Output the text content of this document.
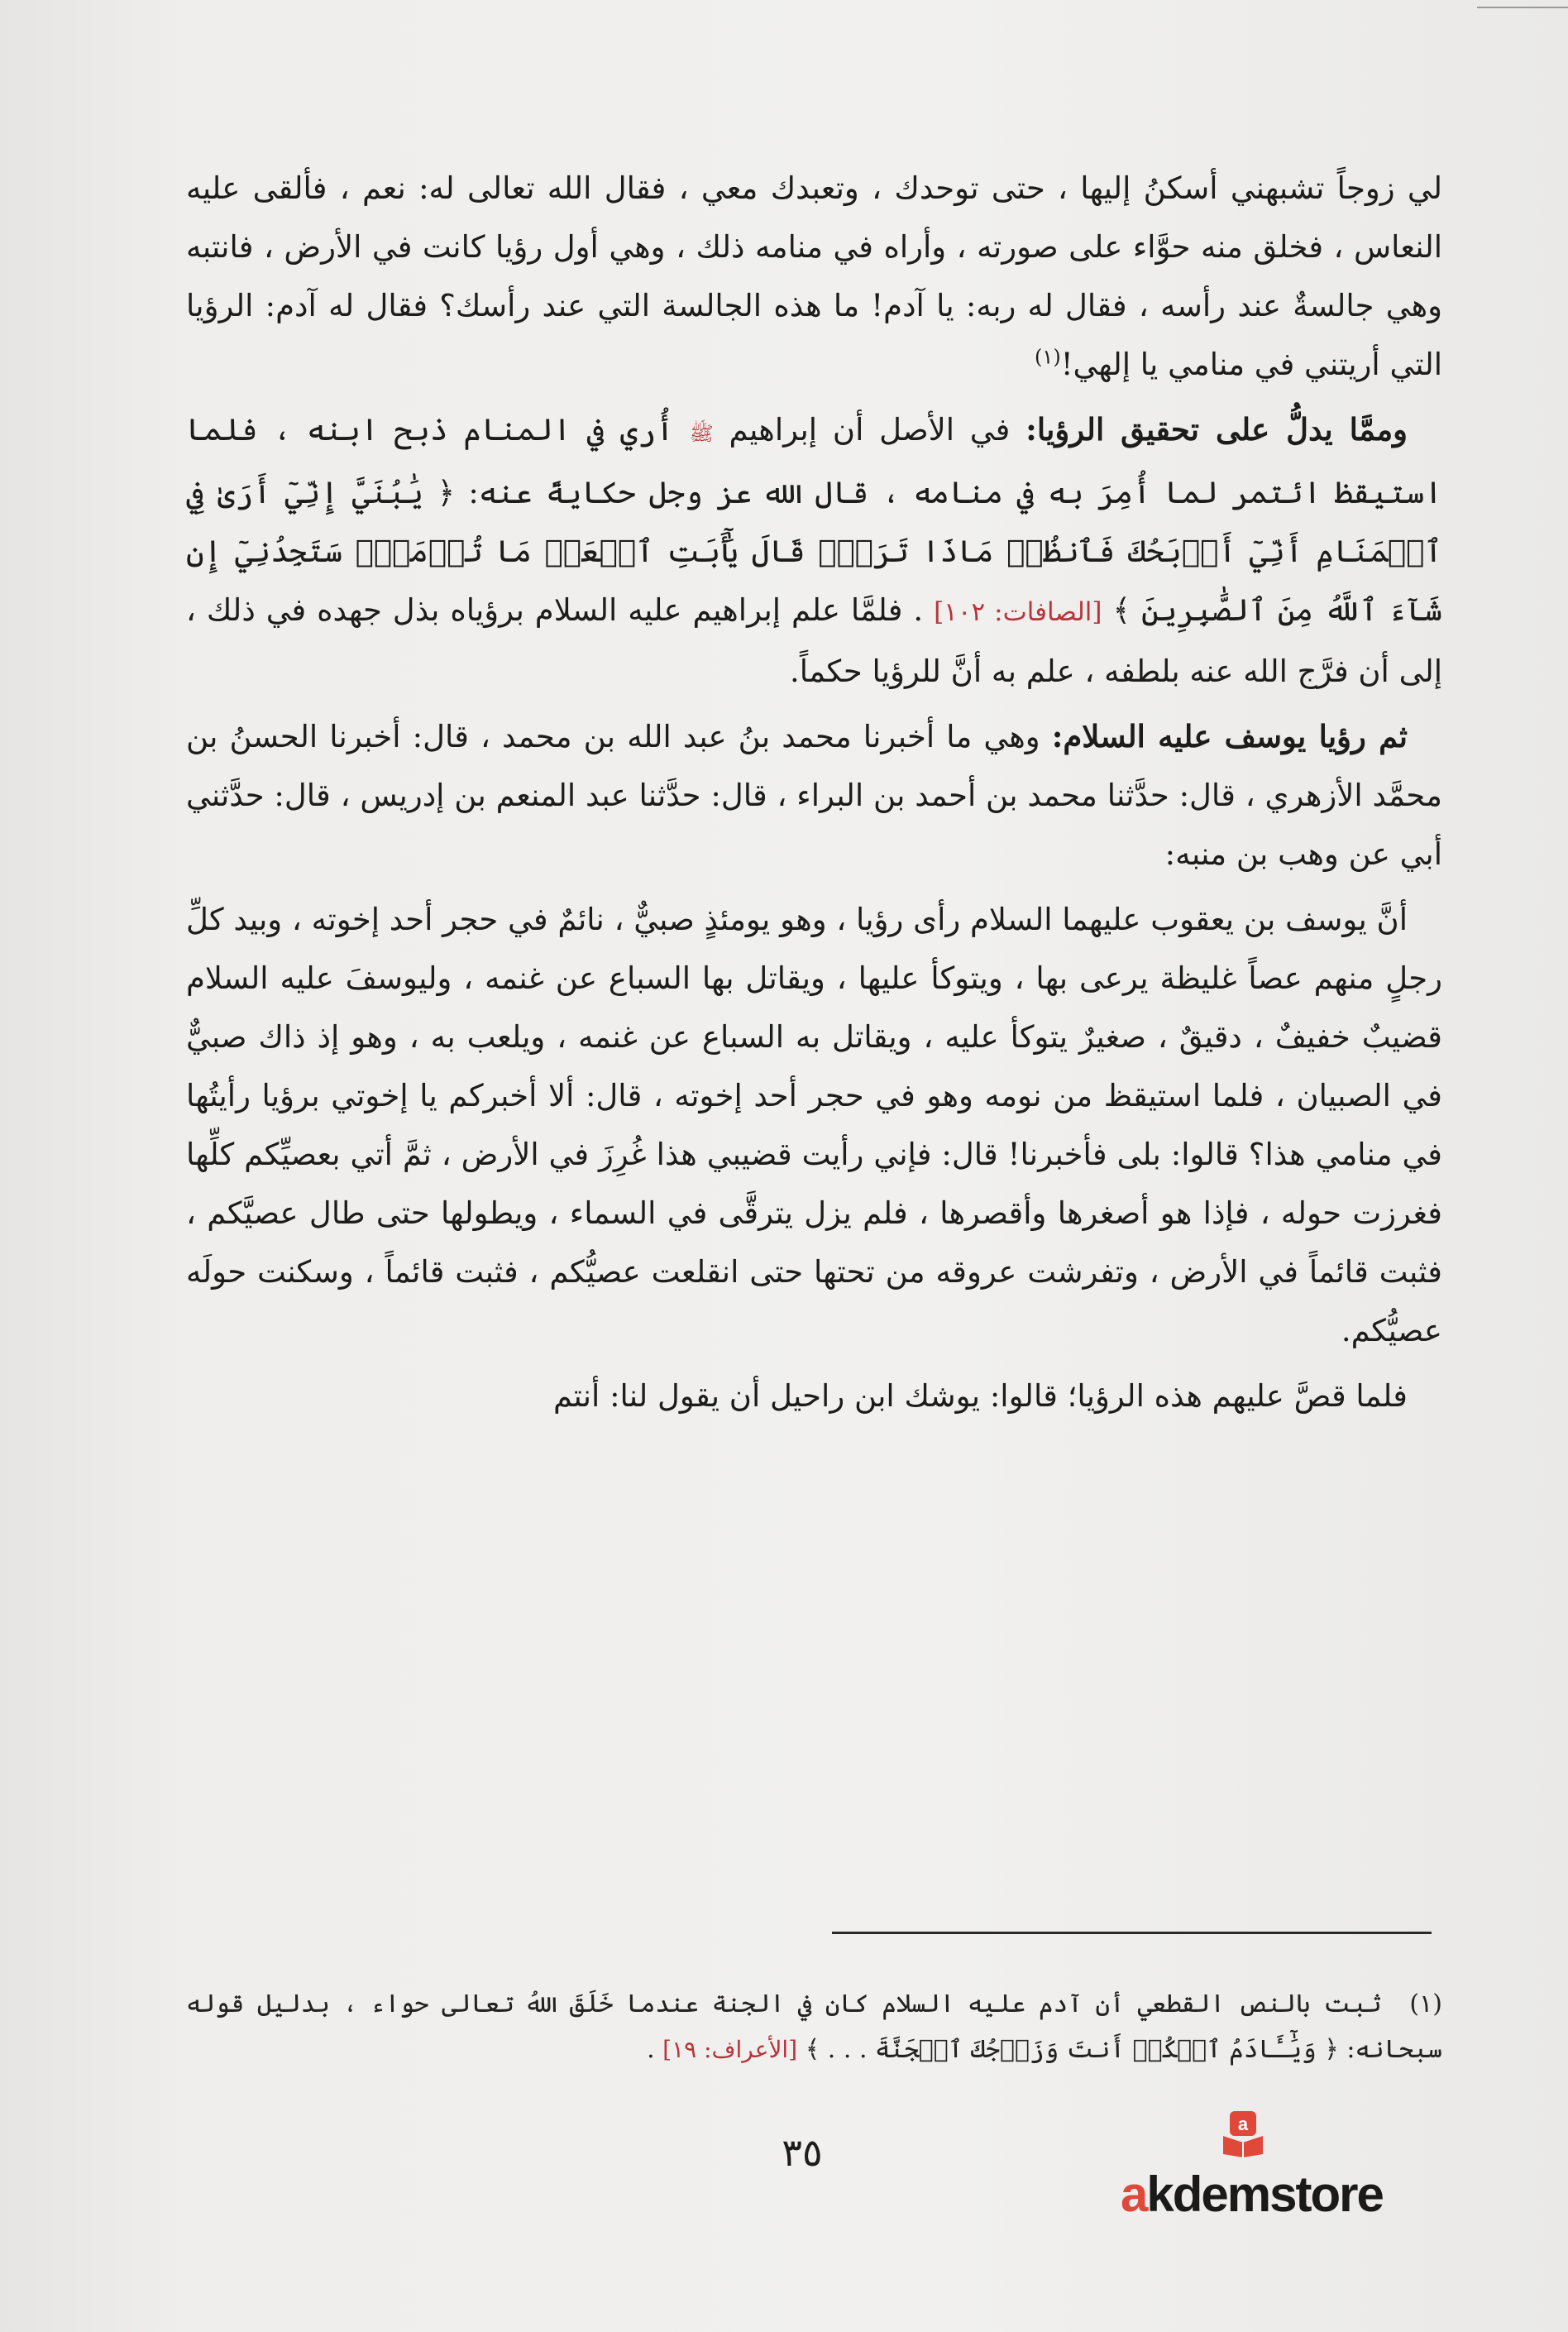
لي زوجاً تشبهني أسكنُ إليها ، حتى توحدك ، وتعبدك معي ، فقال الله تعالى له: نعم ، فألقى عليه النعاس ، فخلق منه حوَّاء على صورته ، وأراه في منامه ذلك ، وهي أول رؤيا كانت في الأرض ، فانتبه وهي جالسةٌ عند رأسه ، فقال له ربه: يا آدم! ما هذه الجالسة التي عند رأسك؟ فقال له آدم: الرؤيا التي أريتني في منامي يا إلهي!$^{(١)}$

وممَّا يدلُّ على تحقيق الرؤيا: في الأصل أن إبراهيم ﷺ أُري في المنام ذبح ابنه ، فلما استيقظ ائتمر لما أُمِرَ به في منامه ، قال الله عز وجل حكايةً عنه: ﴿ يَٰبُنَيَّ إِنِّيٓ أَرَىٰ فِي ٱلۡمَنَامِ أَنِّيٓ أَذۡبَحُكَ فَٱنظُرۡ مَاذَا تَرَىٰۚ قَالَ يَٰٓأَبَتِ ٱفۡعَلۡ مَا تُؤۡمَرُۖ سَتَجِدُنِيٓ إِن شَآءَ ٱللَّهُ مِنَ ٱلصَّٰبِرِينَ ﴾ [الصافات: ١٠٢] . فلمَّا علم إبراهيم عليه السلام برؤياه بذل جهده في ذلك ، إلى أن فرَّج الله عنه بلطفه ، علم به أنَّ للرؤيا حكماً.

ثم رؤيا يوسف عليه السلام: وهي ما أخبرنا محمد بنُ عبد الله بن محمد ، قال: أخبرنا الحسنُ بن محمَّد الأزهري ، قال: حدَّثنا محمد بن أحمد بن البراء ، قال: حدَّثنا عبد المنعم بن إدريس ، قال: حدَّثني أبي عن وهب بن منبه:

أنَّ يوسف بن يعقوب عليهما السلام رأى رؤيا ، وهو يومئذٍ صبيٌّ ، نائمٌ في حجر أحد إخوته ، وبيد كلِّ رجلٍ منهم عصاً غليظة يرعى بها ، ويتوكأ عليها ، ويقاتل بها السباع عن غنمه ، وليوسفَ عليه السلام قضيبٌ خفيفٌ ، دقيقٌ ، صغيرٌ يتوكأ عليه ، ويقاتل به السباع عن غنمه ، ويلعب به ، وهو إذ ذاك صبيٌّ في الصبيان ، فلما استيقظ من نومه وهو في حجر أحد إخوته ، قال: ألا أخبركم يا إخوتي برؤيا رأيتُها في منامي هذا؟ قالوا: بلى فأخبرنا! قال: فإني رأيت قضيبي هذا غُرِزَ في الأرض ، ثمَّ أتي بعصيِّكم كلِّها فغرزت حوله ، فإذا هو أصغرها وأقصرها ، فلم يزل يترقَّى في السماء ، ويطولها حتى طال عصيَّكم ، فثبت قائماً في الأرض ، وتفرشت عروقه من تحتها حتى انقلعت عصيُّكم ، فثبت قائماً ، وسكنت حولَه عصيُّكم.

فلما قصَّ عليهم هذه الرؤيا؛ قالوا: يوشك ابن راحيل أن يقول لنا: أنتم

(١) ثبت بالنص القطعي أن آدم عليه السلام كان في الجنة عندما خَلَقَ اللهُ تعالى حواء ، بدليل قوله سبحانه: ﴿ وَيَٰٓـَٔادَمُ ٱسۡكُنۡ أَنتَ وَزَوۡجُكَ ٱلۡجَنَّةَ . . . ﴾ [الأعراف: ١٩] .
٣٥
a
akdemstore
